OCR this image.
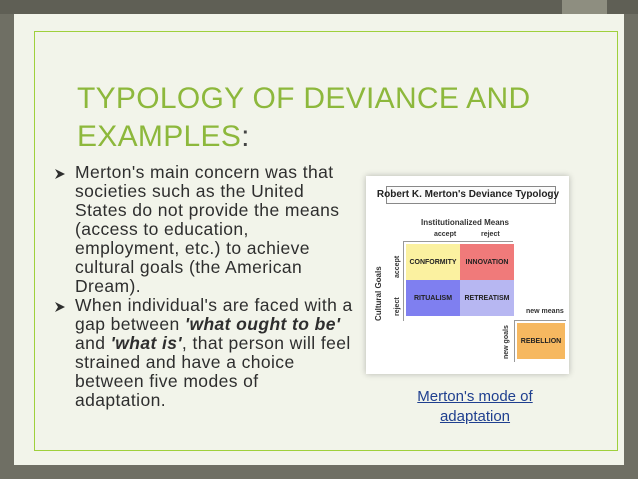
TYPOLOGY OF DEVIANCE AND EXAMPLES:
Merton's main concern was that societies such as the United States do not provide the means (access to education, employment, etc.) to achieve cultural goals (the American Dream).
When individual's are faced with a gap between 'what ought to be' and 'what is', that person will feel strained and have a choice between five modes of adaptation.
Robert K. Merton's Deviance Typology
Institutionalized Means
accept	reject
Cultural Goals accept
reject
CONFORMITY	INNOVATION
RITUALISM	RETREATISM
new means
new goals	REBELLION
Merton's mode of adaptation
